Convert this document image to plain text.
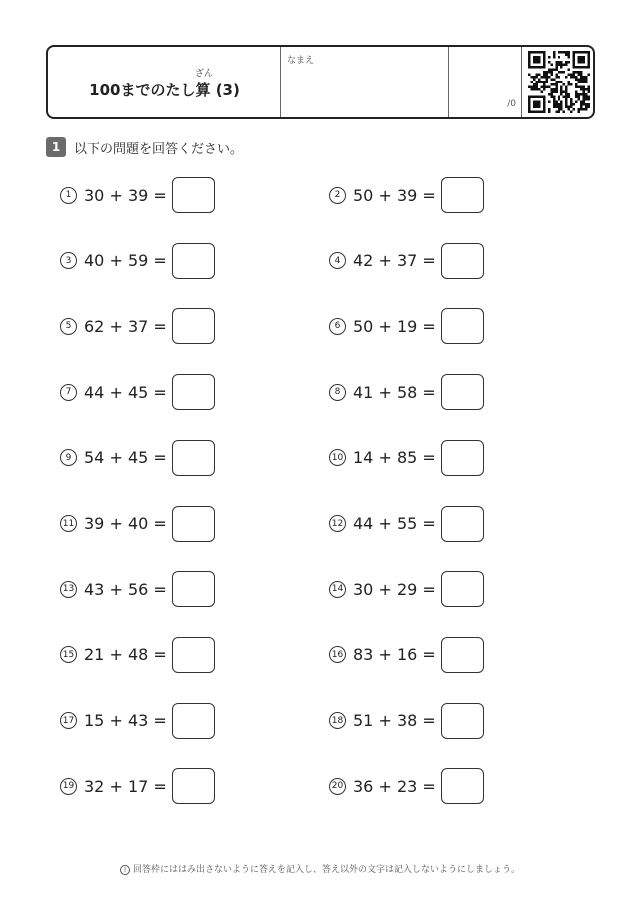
ざん
100までのたし算 (3)
なまえ
/0
1	以下の問題を回答ください。
1 30 + 39 =	2 50 + 39 =
3 40 + 59 =	4 42 + 37 =
5 62 + 37 =	6 50 + 19 =
7 44 + 45 =	8 41 + 58 =
9 54 + 45 =	10 14 + 85 =
11 39 + 40 =	12 44 + 55 =
13 43 + 56 =	14 30 + 29 =
15 21 + 48 =	16 83 + 16 =
17 15 + 43 =	18 51 + 38 =
19 32 + 17 =	20 36 + 23 =
! 回答枠にははみ出さないように答えを記入し、答え以外の文字は記入しないようにしましょう。
